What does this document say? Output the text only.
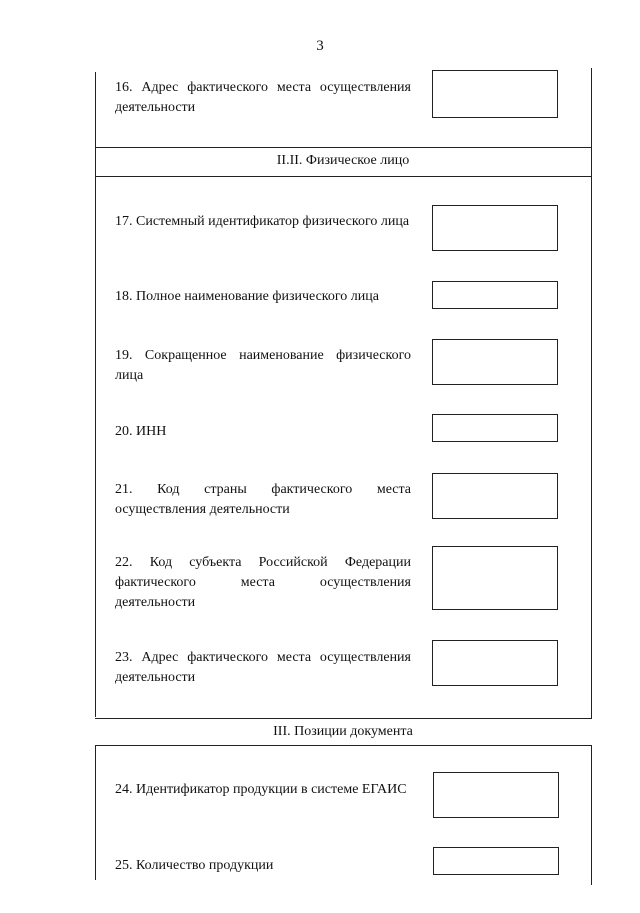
3
II.II. Физическое лицо
III. Позиции документа
16. Адрес фактического места осуществления деятельности
17. Системный идентификатор физического лица
18. Полное наименование физического лица
19. Сокращенное наименование физического лица
20. ИНН
21. Код страны фактического места осуществления деятельности
22. Код субъекта Российской Федерации фактического места осуществления деятельности
23. Адрес фактического места осуществления деятельности
24. Идентификатор продукции в системе ЕГАИС
25. Количество продукции
